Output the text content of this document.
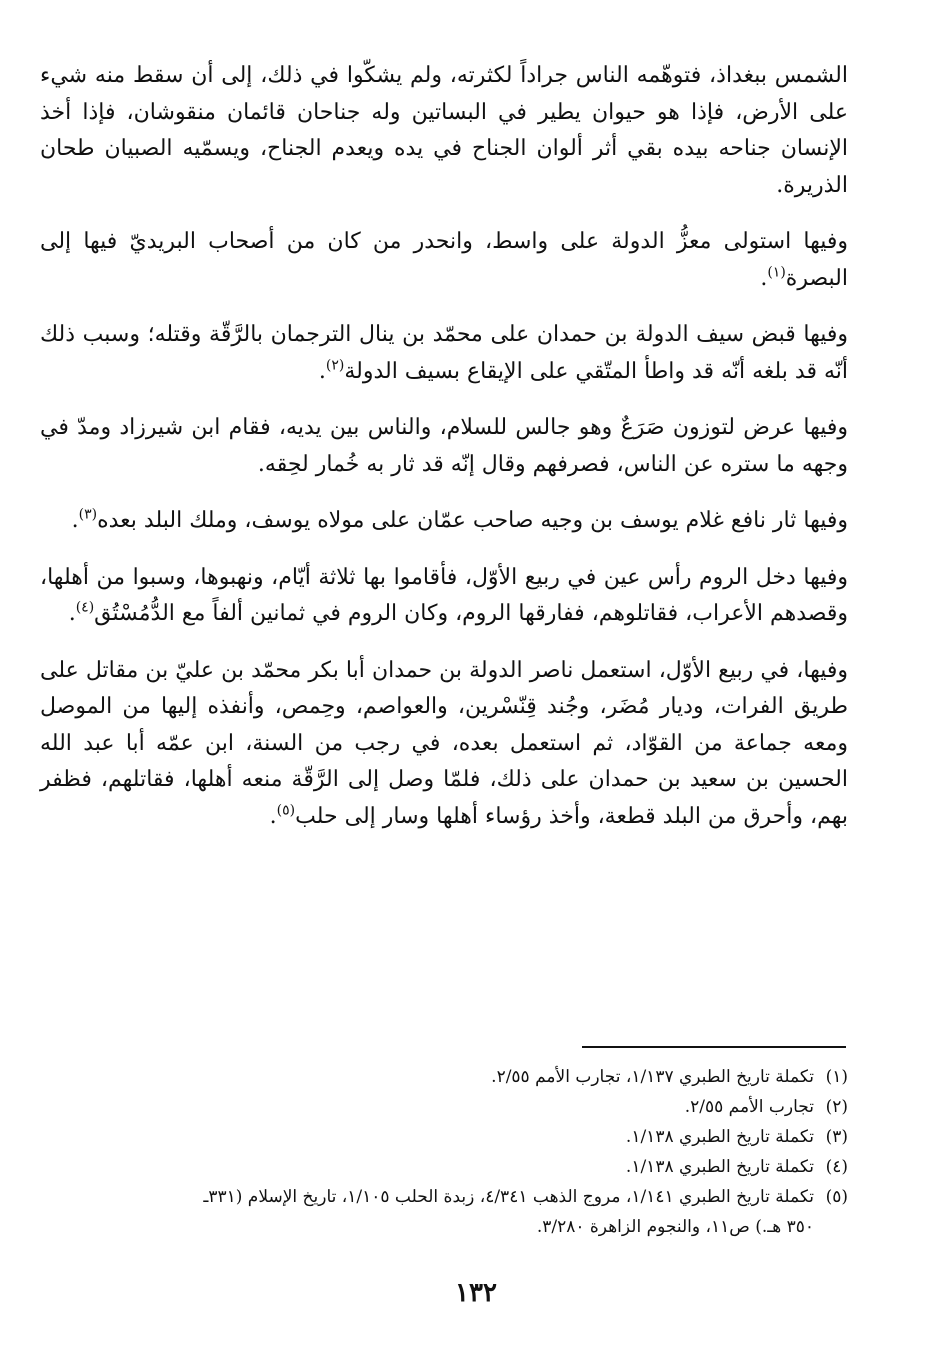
الشمس ببغداذ، فتوهّمه الناس جراداً لكثرته، ولم يشكّوا في ذلك، إلى أن سقط منه شيء على الأرض، فإذا هو حيوان يطير في البساتين وله جناحان قائمان منقوشان، فإذا أخذ الإنسان جناحه بيده بقي أثر ألوان الجناح في يده ويعدم الجناح، ويسمّيه الصبيان طحان الذريرة.

وفيها استولى معزُّ الدولة على واسط، وانحدر من كان من أصحاب البريديّ فيها إلى البصرة$^{(١)}$.

وفيها قبض سيف الدولة بن حمدان على محمّد بن ينال الترجمان بالرَّقّة وقتله؛ وسبب ذلك أنّه قد بلغه أنّه قد واطأ المتّقي على الإيقاع بسيف الدولة$^{(٢)}$.

وفيها عرض لتوزون صَرَعٌ وهو جالس للسلام، والناس بين يديه، فقام ابن شيرزاد ومدّ في وجهه ما ستره عن الناس، فصرفهم وقال إنّه قد ثار به خُمار لحِقه.

وفيها ثار نافع غلام يوسف بن وجيه صاحب عمّان على مولاه يوسف، وملك البلد بعده$^{(٣)}$.

وفيها دخل الروم رأس عين في ربيع الأوّل، فأقاموا بها ثلاثة أيّام، ونهبوها، وسبوا من أهلها، وقصدهم الأعراب، فقاتلوهم، ففارقها الروم، وكان الروم في ثمانين ألفاً مع الدُّمُسْتُق$^{(٤)}$.

وفيها، في ربيع الأوّل، استعمل ناصر الدولة بن حمدان أبا بكر محمّد بن عليّ بن مقاتل على طريق الفرات، وديار مُضَر، وجُند قِنّسْرين، والعواصم، وحِمص، وأنفذه إليها من الموصل ومعه جماعة من القوّاد، ثم استعمل بعده، في رجب من السنة، ابن عمّه أبا عبد الله الحسين بن سعيد بن حمدان على ذلك، فلمّا وصل إلى الرَّقّة منعه أهلها، فقاتلهم، فظفر بهم، وأحرق من البلد قطعة، وأخذ رؤساء أهلها وسار إلى حلب$^{(٥)}$.

(١)تكملة تاريخ الطبري ١/١٣٧، تجارب الأمم ٢/٥٥.

(٢)تجارب الأمم ٢/٥٥.

(٣)تكملة تاريخ الطبري ١/١٣٨.

(٤)تكملة تاريخ الطبري ١/١٣٨.

(٥)تكملة تاريخ الطبري ١/١٤١، مروج الذهب ٤/٣٤١، زبدة الحلب ١/١٠٥، تاريخ الإسلام (٣٣١ـ

٣٥٠ هـ.) ص١١، والنجوم الزاهرة ٣/٢٨٠.

١٣٢
